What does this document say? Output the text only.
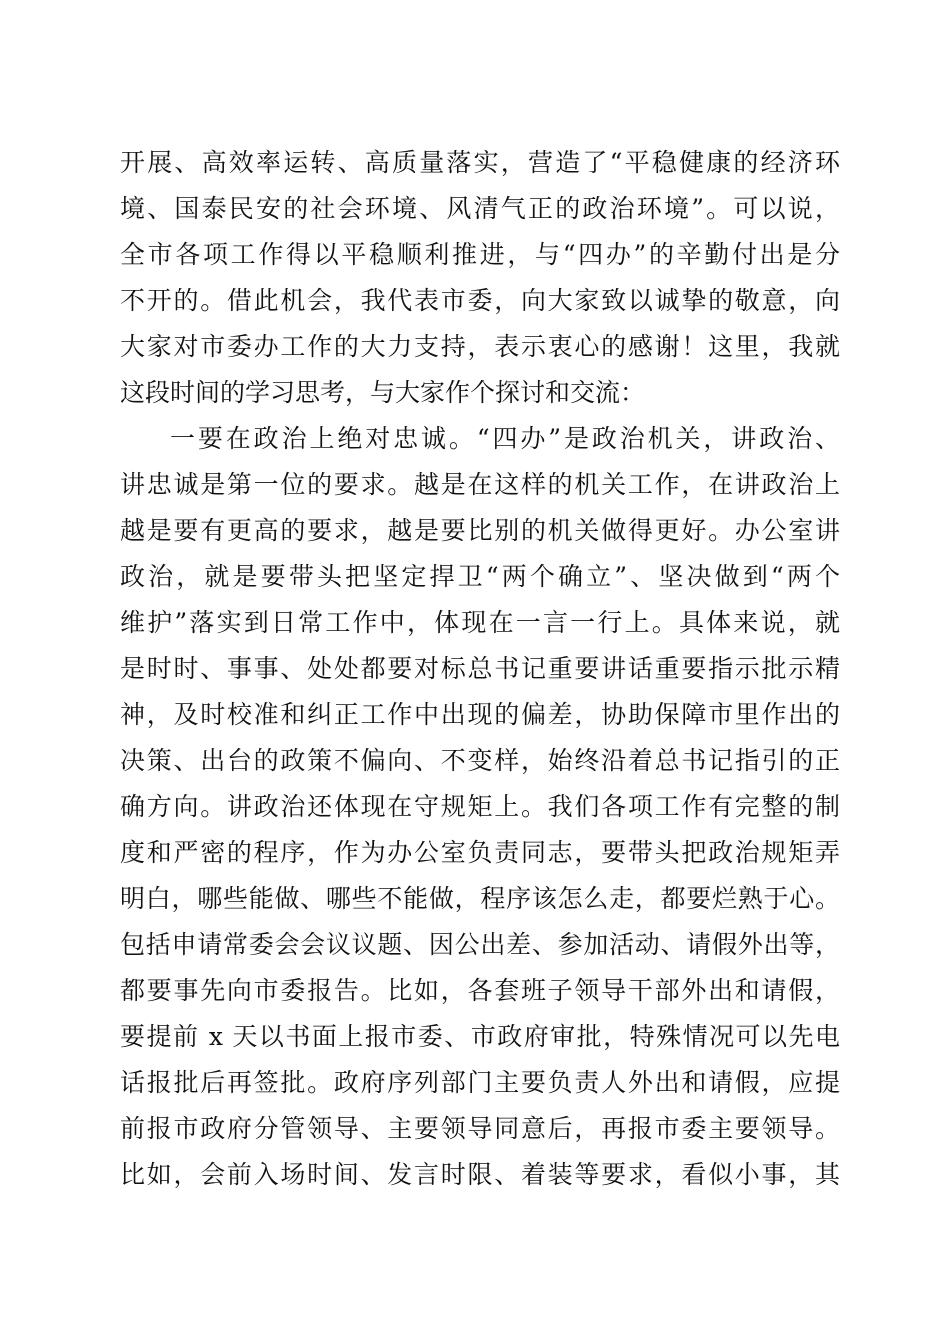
开展、高效率运转、高质量落实，营造了“平稳健康的经济环
境、国泰民安的社会环境、风清气正的政治环境”。可以说，
全市各项工作得以平稳顺利推进，与“四办”的辛勤付出是分
不开的。借此机会，我代表市委，向大家致以诚挚的敬意，向
大家对市委办工作的大力支持，表示衷心的感谢！这里，我就
这段时间的学习思考，与大家作个探讨和交流：
一要在政治上绝对忠诚。“四办”是政治机关，讲政治、
讲忠诚是第一位的要求。越是在这样的机关工作，在讲政治上
越是要有更高的要求，越是要比别的机关做得更好。办公室讲
政治，就是要带头把坚定捍卫“两个确立”、坚决做到“两个
维护”落实到日常工作中，体现在一言一行上。具体来说，就
是时时、事事、处处都要对标总书记重要讲话重要指示批示精
神，及时校准和纠正工作中出现的偏差，协助保障市里作出的
决策、出台的政策不偏向、不变样，始终沿着总书记指引的正
确方向。讲政治还体现在守规矩上。我们各项工作有完整的制
度和严密的程序，作为办公室负责同志，要带头把政治规矩弄
明白，哪些能做、哪些不能做，程序该怎么走，都要烂熟于心。
包括申请常委会会议议题、因公出差、参加活动、请假外出等，
都要事先向市委报告。比如，各套班子领导干部外出和请假，
要提前 x 天以书面上报市委、市政府审批，特殊情况可以先电
话报批后再签批。政府序列部门主要负责人外出和请假，应提
前报市政府分管领导、主要领导同意后，再报市委主要领导。
比如，会前入场时间、发言时限、着装等要求，看似小事，其
